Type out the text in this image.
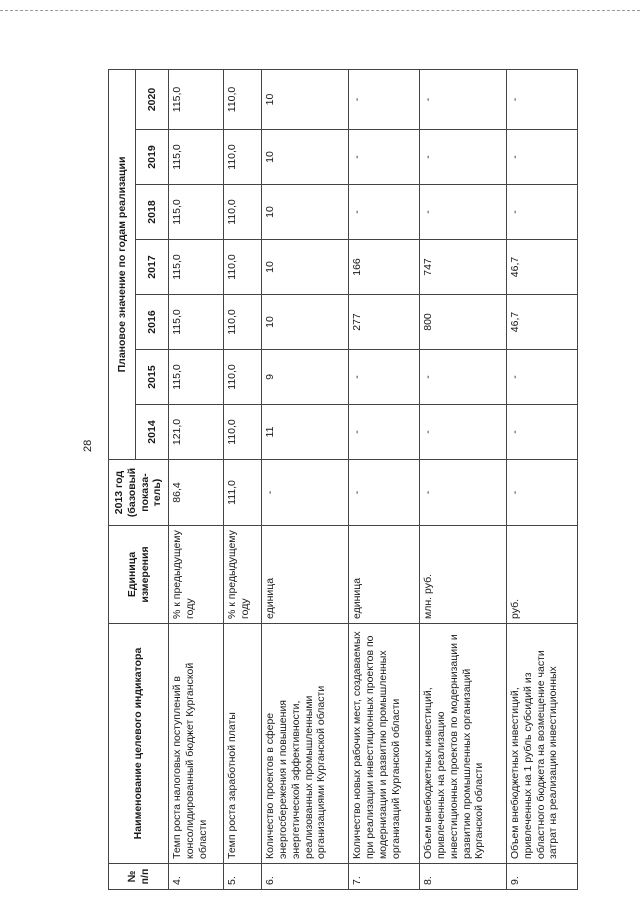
28
№ п/п	Наименование целевого индикатора	Единица измерения	2013 год (базовый показа-тель)	Плановое значение по годам реализации						
				2014	2015	2016	2017	2018	2019	2020
4.	Темп роста налоговых поступлений в консолидированный бюджет Курганской области	% к предыдущему году	86,4	121,0	115,0	115,0	115,0	115,0	115,0	115,0
5.	Темп роста заработной платы	% к предыдущему году	111,0	110,0	110,0	110,0	110,0	110,0	110,0	110,0
6.	Количество проектов в сфере энергосбережения и повышения энергетической эффективности, реализованных промышленными организациями Курганской области	единица	-	11	9	10	10	10	10	10
7.	Количество новых рабочих мест, создаваемых при реализации инвестиционных проектов по модернизации и развитию промышленных организаций Курганской области	единица	-	-	-	277	166	-	-	-
8.	Объем внебюджетных инвестиций, привлеченных на реализацию инвестиционных проектов по модернизации и развитию промышленных организаций Курганской области	млн. руб.	-	-	-	800	747	-	-	-
9.	Объем внебюджетных инвестиций, привлеченных на 1 рубль субсидий из областного бюджета на возмещение части затрат на реализацию инвестиционных	руб.	-	-	-	46,7	46,7	-	-	-
